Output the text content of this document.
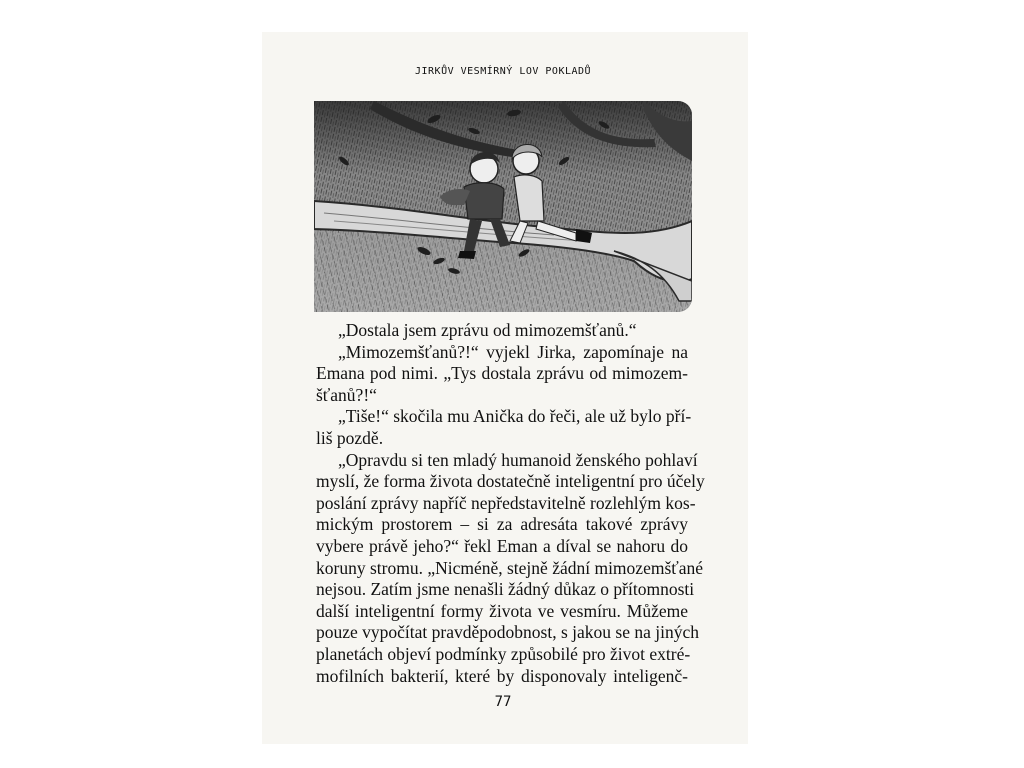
JIRKŮV VESMÍRNÝ LOV POKLADŮ
„Dostala jsem zprávu od mimozemšťanů.“
„Mimozemšťanů?!“ vyjekl Jirka, zapomínaje na
Emana pod nimi. „Tys dostala zprávu od mimozem-
šťanů?!“
„Tiše!“ skočila mu Anička do řeči, ale už bylo pří-
liš pozdě.
„Opravdu si ten mladý humanoid ženského pohlaví
myslí, že forma života dostatečně inteligentní pro účely
poslání zprávy napříč nepředstavitelně rozlehlým kos-
mickým prostorem – si za adresáta takové zprávy
vybere právě jeho?“ řekl Eman a díval se nahoru do
koruny stromu. „Nicméně, stejně žádní mimozemšťané
nejsou. Zatím jsme nenašli žádný důkaz o přítomnosti
další inteligentní formy života ve vesmíru. Můžeme
pouze vypočítat pravděpodobnost, s jakou se na jiných
planetách objeví podmínky způsobilé pro život extré-
mofilních bakterií, které by disponovaly inteligenč-
77
